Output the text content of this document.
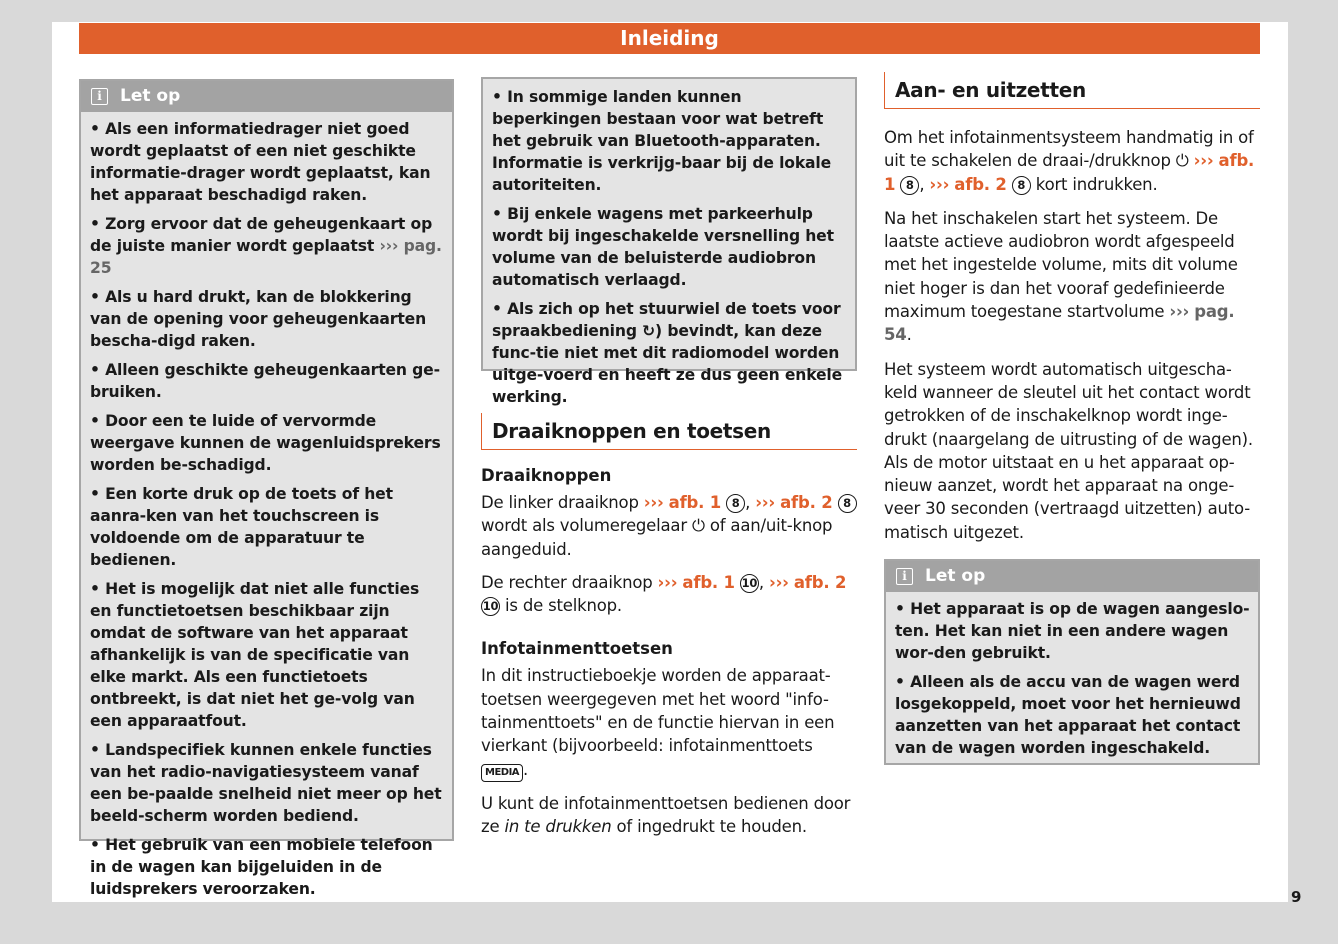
Inleiding
i	Let op
• Als een informatiedrager niet goed wordt geplaatst of een niet geschikte informatie-drager wordt geplaatst, kan het apparaat beschadigd raken.
• Zorg ervoor dat de geheugenkaart op de juiste manier wordt geplaatst ››› pag. 25
• Als u hard drukt, kan de blokkering van de opening voor geheugenkaarten bescha-digd raken.
• Alleen geschikte geheugenkaarten ge-bruiken.
• Door een te luide of vervormde weergave kunnen de wagenluidsprekers worden be-schadigd.
• Een korte druk op de toets of het aanra-ken van het touchscreen is voldoende om de apparatuur te bedienen.
• Het is mogelijk dat niet alle functies en functietoetsen beschikbaar zijn omdat de software van het apparaat afhankelijk is van de specificatie van elke markt. Als een functietoets ontbreekt, is dat niet het ge-volg van een apparaatfout.
• Landspecifiek kunnen enkele functies van het radio-navigatiesysteem vanaf een be-paalde snelheid niet meer op het beeld-scherm worden bediend.
• Het gebruik van een mobiele telefoon in de wagen kan bijgeluiden in de luidsprekers veroorzaken.
• In sommige landen kunnen beperkingen bestaan voor wat betreft het gebruik van Bluetooth-apparaten. Informatie is verkrijg-baar bij de lokale autoriteiten.
• Bij enkele wagens met parkeerhulp wordt bij ingeschakelde versnelling het volume van de beluisterde audiobron automatisch verlaagd.
• Als zich op het stuurwiel de toets voor spraakbediening ↻) bevindt, kan deze func-tie niet met dit radiomodel worden uitge-voerd en heeft ze dus geen enkele werking.
Draaiknoppen en toetsen

Draaiknoppen

De linker draaiknop ››› afb. 1 8 , ››› afb. 2 8 wordt als volumeregelaar ⏻ of aan/uit-knop aangeduid.

De rechter draaiknop ››› afb. 1 10 , ››› afb. 2 10 is de stelknop.

Infotainmenttoetsen

In dit instructieboekje worden de apparaat-toetsen weergegeven met het woord "info-tainmenttoets" en de functie hiervan in een vierkant (bijvoorbeeld: infotainmenttoets MEDIA .

U kunt de infotainmenttoetsen bedienen door ze in te drukken of ingedrukt te houden.

Aan- en uitzetten

Om het infotainmentsysteem handmatig in of uit te schakelen de draai-/drukknop ⏻ ››› afb. 1 8 , ››› afb. 2 8 kort indrukken.

Na het inschakelen start het systeem. De laatste actieve audiobron wordt afgespeeld met het ingestelde volume, mits dit volume niet hoger is dan het vooraf gedefinieerde maximum toegestane startvolume ››› pag. 54.

Het systeem wordt automatisch uitgescha-keld wanneer de sleutel uit het contact wordt getrokken of de inschakelknop wordt inge-drukt (naargelang de uitrusting of de wagen). Als de motor uitstaat en u het apparaat op-nieuw aanzet, wordt het apparaat na onge-veer 30 seconden (vertraagd uitzetten) auto-matisch uitgezet.

i	Let op
• Het apparaat is op de wagen aangeslo-ten. Het kan niet in een andere wagen wor-den gebruikt.
• Alleen als de accu van de wagen werd losgekoppeld, moet voor het hernieuwd aanzetten van het apparaat het contact van de wagen worden ingeschakeld.
9
